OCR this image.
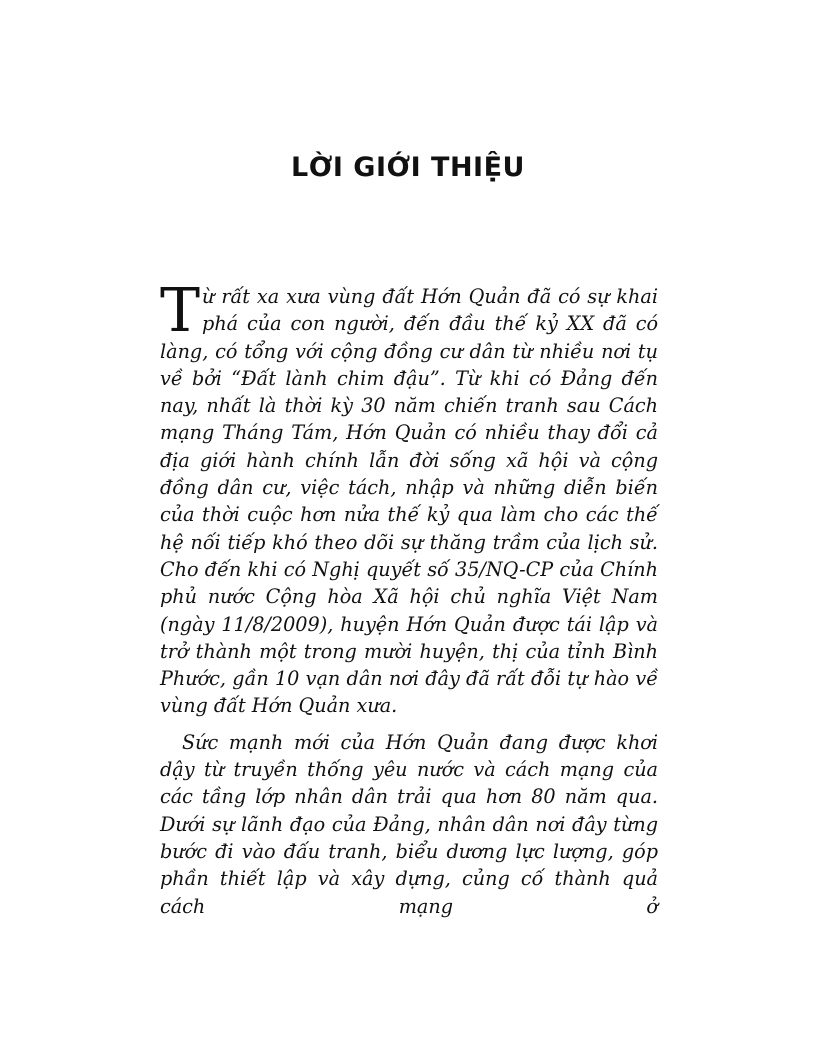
LỜI GIỚI THIỆU

Từ rất xa xưa vùng đất Hớn Quản đã có sự khai phá của con người, đến đầu thế kỷ XX đã có làng, có tổng với cộng đồng cư dân từ nhiều nơi tụ về bởi “Đất lành chim đậu”. Từ khi có Đảng đến nay, nhất là thời kỳ 30 năm chiến tranh sau Cách mạng Tháng Tám, Hớn Quản có nhiều thay đổi cả địa giới hành chính lẫn đời sống xã hội và cộng đồng dân cư, việc tách, nhập và những diễn biến của thời cuộc hơn nửa thế kỷ qua làm cho các thế hệ nối tiếp khó theo dõi sự thăng trầm của lịch sử. Cho đến khi có Nghị quyết số 35/NQ-CP của Chính phủ nước Cộng hòa Xã hội chủ nghĩa Việt Nam (ngày 11/8/2009), huyện Hớn Quản được tái lập và trở thành một trong mười huyện, thị của tỉnh Bình Phước, gần 10 vạn dân nơi đây đã rất đỗi tự hào về vùng đất Hớn Quản xưa.

Sức mạnh mới của Hớn Quản đang được khơi dậy từ truyền thống yêu nước và cách mạng của các tầng lớp nhân dân trải qua hơn 80 năm qua. Dưới sự lãnh đạo của Đảng, nhân dân nơi đây từng bước đi vào đấu tranh, biểu dương lực lượng, góp phần thiết lập và xây dựng, củng cố thành quả cách mạng ở
